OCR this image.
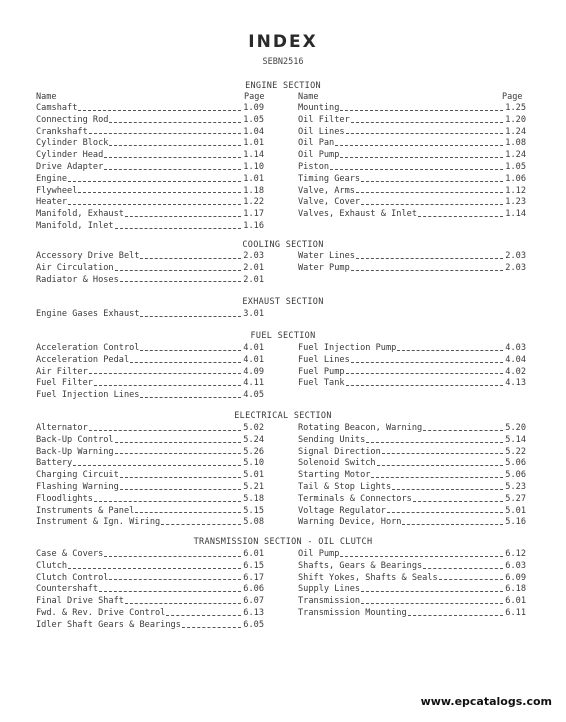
INDEX
SEBN2516
Name	Page	Name	Page
ENGINE SECTION
COOLING SECTION
EXHAUST SECTION
FUEL SECTION
ELECTRICAL SECTION
TRANSMISSION SECTION - OIL CLUTCH
Camshaft	1.09
Connecting Rod	1.05
Crankshaft	1.04
Cylinder Block	1.01
Cylinder Head	1.14
Drive Adapter	1.10
Engine	1.01
Flywheel	1.18
Heater	1.22
Manifold, Exhaust	1.17
Manifold, Inlet	1.16
Mounting	1.25
Oil Filter	1.20
Oil Lines	1.24
Oil Pan	1.08
Oil Pump	1.24
Piston	1.05
Timing Gears	1.06
Valve, Arms	1.12
Valve, Cover	1.23
Valves, Exhaust & Inlet	1.14
Accessory Drive Belt	2.03
Air Circulation	2.01
Radiator & Hoses	2.01
Water Lines	2.03
Water Pump	2.03
Engine Gases Exhaust	3.01
Acceleration Control	4.01
Acceleration Pedal	4.01
Air Filter	4.09
Fuel Filter	4.11
Fuel Injection Lines	4.05
Fuel Injection Pump	4.03
Fuel Lines	4.04
Fuel Pump	4.02
Fuel Tank	4.13
Alternator	5.02
Back-Up Control	5.24
Back-Up Warning	5.26
Battery	5.10
Charging Circuit	5.01
Flashing Warning	5.21
Floodlights	5.18
Instruments & Panel	5.15
Instrument & Ign. Wiring	5.08
Rotating Beacon, Warning	5.20
Sending Units	5.14
Signal Direction	5.22
Solenoid Switch	5.06
Starting Motor	5.06
Tail & Stop Lights	5.23
Terminals & Connectors	5.27
Voltage Regulator	5.01
Warning Device, Horn	5.16
Case & Covers	6.01
Clutch	6.15
Clutch Control	6.17
Countershaft	6.06
Final Drive Shaft	6.07
Fwd. & Rev. Drive Control	6.13
Idler Shaft Gears & Bearings	6.05
Oil Pump	6.12
Shafts, Gears & Bearings	6.03
Shift Yokes, Shafts & Seals	6.09
Supply Lines	6.18
Transmission	6.01
Transmission Mounting	6.11
www.epcatalogs.com
